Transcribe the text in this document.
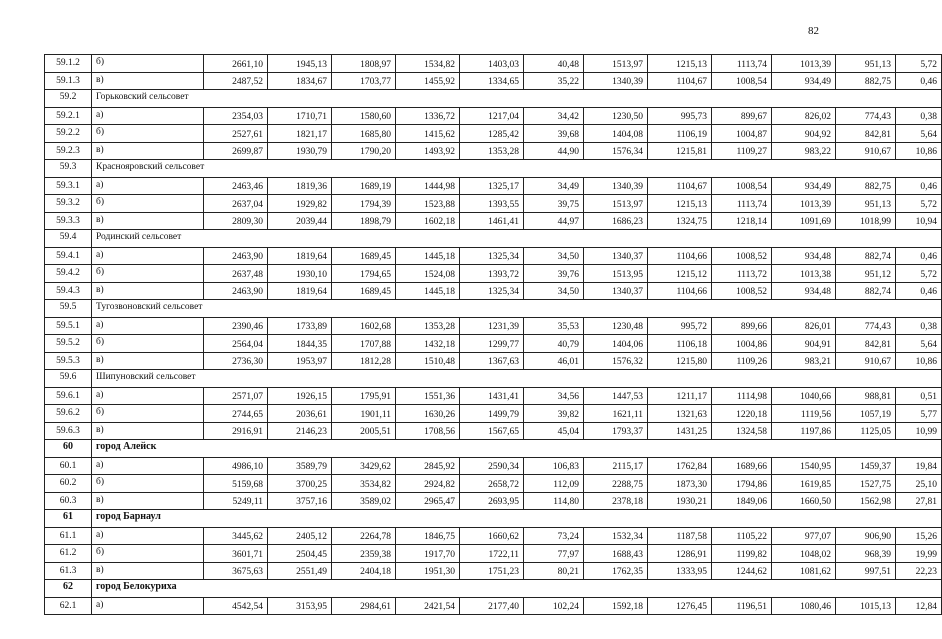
82
59.1.2	б)	2661,10	1945,13	1808,97	1534,82	1403,03	40,48	1513,97	1215,13	1113,74	1013,39	951,13	5,72
59.1.3	в)	2487,52	1834,67	1703,77	1455,92	1334,65	35,22	1340,39	1104,67	1008,54	934,49	882,75	0,46
59.2	Горьковский сельсовет												
59.2.1	а)	2354,03	1710,71	1580,60	1336,72	1217,04	34,42	1230,50	995,73	899,67	826,02	774,43	0,38
59.2.2	б)	2527,61	1821,17	1685,80	1415,62	1285,42	39,68	1404,08	1106,19	1004,87	904,92	842,81	5,64
59.2.3	в)	2699,87	1930,79	1790,20	1493,92	1353,28	44,90	1576,34	1215,81	1109,27	983,22	910,67	10,86
59.3	Краснояровский сельсовет												
59.3.1	а)	2463,46	1819,36	1689,19	1444,98	1325,17	34,49	1340,39	1104,67	1008,54	934,49	882,75	0,46
59.3.2	б)	2637,04	1929,82	1794,39	1523,88	1393,55	39,75	1513,97	1215,13	1113,74	1013,39	951,13	5,72
59.3.3	в)	2809,30	2039,44	1898,79	1602,18	1461,41	44,97	1686,23	1324,75	1218,14	1091,69	1018,99	10,94
59.4	Родинский сельсовет												
59.4.1	а)	2463,90	1819,64	1689,45	1445,18	1325,34	34,50	1340,37	1104,66	1008,52	934,48	882,74	0,46
59.4.2	б)	2637,48	1930,10	1794,65	1524,08	1393,72	39,76	1513,95	1215,12	1113,72	1013,38	951,12	5,72
59.4.3	в)	2463,90	1819,64	1689,45	1445,18	1325,34	34,50	1340,37	1104,66	1008,52	934,48	882,74	0,46
59.5	Тугозвоновский сельсовет												
59.5.1	а)	2390,46	1733,89	1602,68	1353,28	1231,39	35,53	1230,48	995,72	899,66	826,01	774,43	0,38
59.5.2	б)	2564,04	1844,35	1707,88	1432,18	1299,77	40,79	1404,06	1106,18	1004,86	904,91	842,81	5,64
59.5.3	в)	2736,30	1953,97	1812,28	1510,48	1367,63	46,01	1576,32	1215,80	1109,26	983,21	910,67	10,86
59.6	Шипуновский сельсовет												
59.6.1	а)	2571,07	1926,15	1795,91	1551,36	1431,41	34,56	1447,53	1211,17	1114,98	1040,66	988,81	0,51
59.6.2	б)	2744,65	2036,61	1901,11	1630,26	1499,79	39,82	1621,11	1321,63	1220,18	1119,56	1057,19	5,77
59.6.3	в)	2916,91	2146,23	2005,51	1708,56	1567,65	45,04	1793,37	1431,25	1324,58	1197,86	1125,05	10,99
60	город Алейск												
60.1	а)	4986,10	3589,79	3429,62	2845,92	2590,34	106,83	2115,17	1762,84	1689,66	1540,95	1459,37	19,84
60.2	б)	5159,68	3700,25	3534,82	2924,82	2658,72	112,09	2288,75	1873,30	1794,86	1619,85	1527,75	25,10
60.3	в)	5249,11	3757,16	3589,02	2965,47	2693,95	114,80	2378,18	1930,21	1849,06	1660,50	1562,98	27,81
61	город Барнаул												
61.1	а)	3445,62	2405,12	2264,78	1846,75	1660,62	73,24	1532,34	1187,58	1105,22	977,07	906,90	15,26
61.2	б)	3601,71	2504,45	2359,38	1917,70	1722,11	77,97	1688,43	1286,91	1199,82	1048,02	968,39	19,99
61.3	в)	3675,63	2551,49	2404,18	1951,30	1751,23	80,21	1762,35	1333,95	1244,62	1081,62	997,51	22,23
62	город Белокуриха												
62.1	а)	4542,54	3153,95	2984,61	2421,54	2177,40	102,24	1592,18	1276,45	1196,51	1080,46	1015,13	12,84
